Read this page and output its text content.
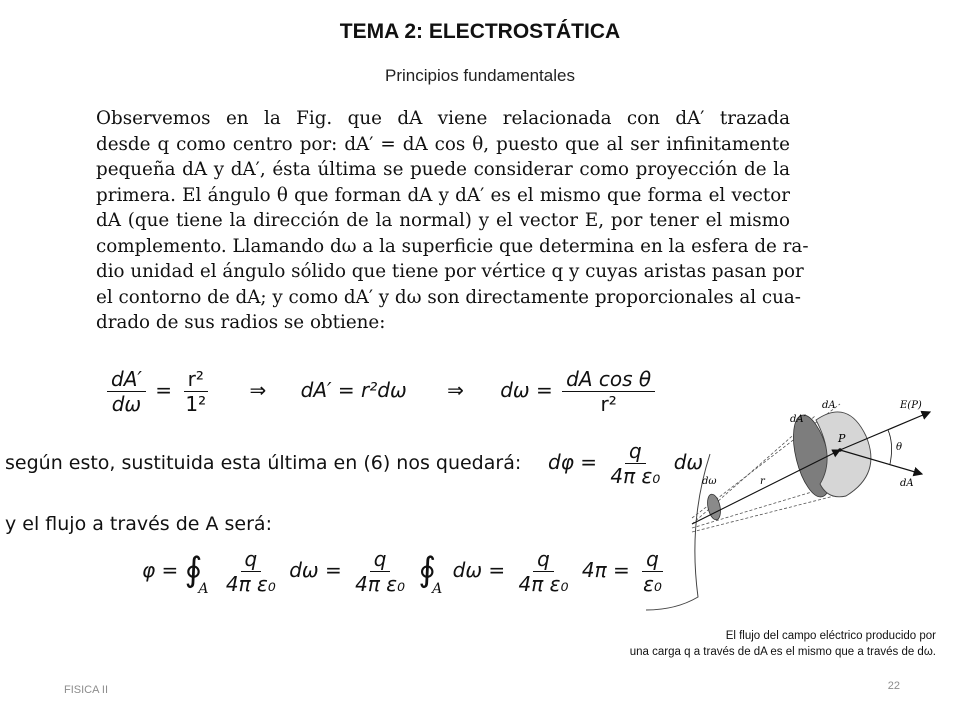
TEMA 2: ELECTROSTÁTICA
Principios fundamentales
Observemos en la Fig. que dA viene relacionada con dA′ trazada
desde q como centro por: dA′ = dA cos θ, puesto que al ser infinitamente
pequeña dA y dA′, ésta última se puede considerar como proyección de la
primera. El ángulo θ que forman dA y dA′ es el mismo que forma el vector
dA (que tiene la dirección de la normal) y el vector E, por tener el mismo
complemento. Llamando dω a la superficie que determina en la esfera de ra-
dio unidad el ángulo sólido que tiene por vértice q y cuyas aristas pasan por
el contorno de dA; y como dA′ y dω son directamente proporcionales al cua-
drado de sus radios se obtiene:
$\frac{dA'}{d\omega} = \frac{\text{r²}}{\text{1²}}$ ⇒ dA′ = r²dω ⇒ $d\omega = \frac{\text{dA cos θ}}{\text{r²}}$
según esto, sustituida esta última en (6) nos quedará: $d\varphi = \frac{q}{\text{4π ε₀}}$ dω
y el flujo a través de A será:
$\varphi = ∮_A \frac{q}{\text{4π ε₀}}$ $d\omega = \frac{q}{\text{4π ε₀}}$ $∮_A$ $d\omega = \frac{q}{\text{4π ε₀}} 4\pi = \frac{q}{\text{ε₀}}$
dA
dA′
P
E(P)
θ
dA
dω	r
El flujo del campo eléctrico producido por
una carga q a través de dA es el mismo que a través de dω.
FISICA II	22
